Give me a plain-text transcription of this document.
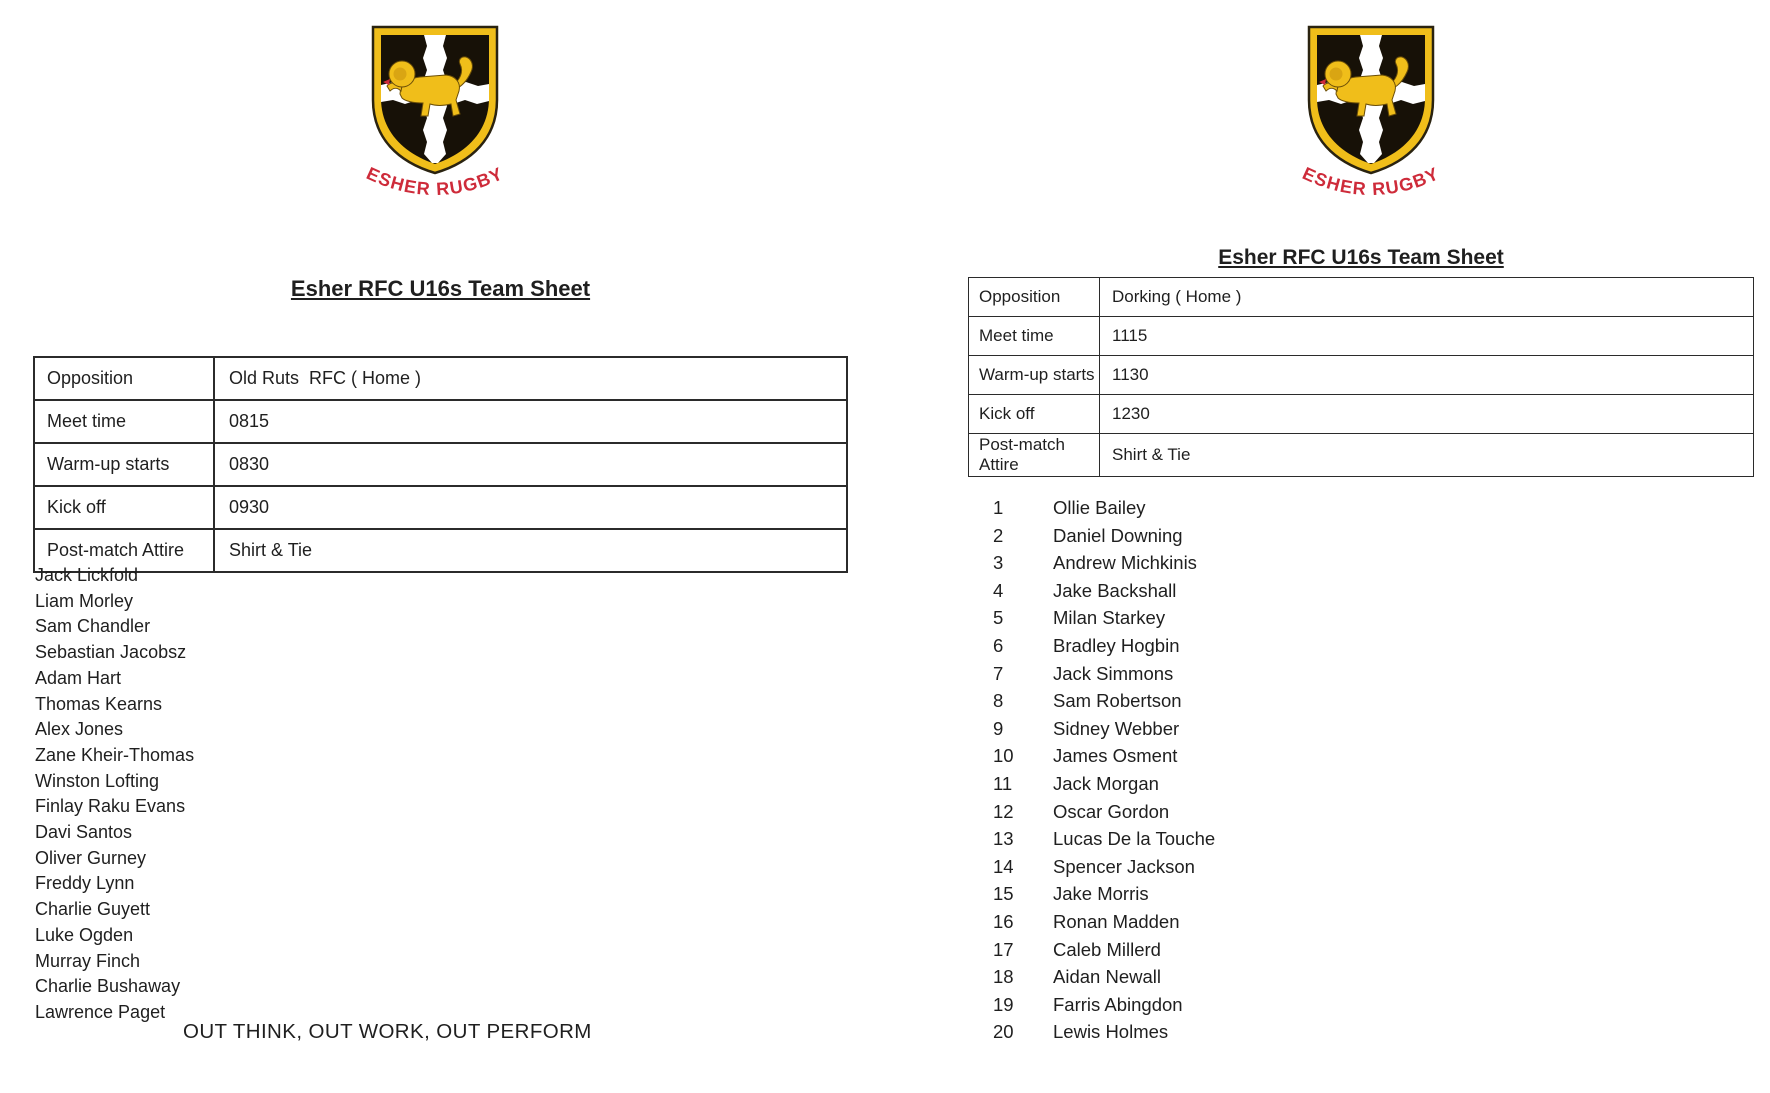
ESHER RUGBY
Esher RFC U16s Team Sheet
Opposition	Old Ruts  RFC ( Home )
Meet time	0815
Warm-up starts	0830
Kick off	0930
Post-match Attire	Shirt & Tie
Jack Lickfold
Liam Morley
Sam Chandler
Sebastian Jacobsz
Adam Hart
Thomas Kearns
Alex Jones
Zane Kheir-Thomas
Winston Lofting
Finlay Raku Evans
Davi Santos
Oliver Gurney
Freddy Lynn
Charlie Guyett
Luke Ogden
Murray Finch
Charlie Bushaway
Lawrence Paget
OUT THINK, OUT WORK, OUT PERFORM
ESHER RUGBY
Esher RFC U16s Team Sheet
Opposition	Dorking ( Home )
Meet time	1115
Warm-up starts	1130
Kick off	1230
Post-match Attire	Shirt & Tie
1	Ollie Bailey
2	Daniel Downing
3	Andrew Michkinis
4	Jake Backshall
5	Milan Starkey
6	Bradley Hogbin
7	Jack Simmons
8	Sam Robertson
9	Sidney Webber
10	James Osment
11	Jack Morgan
12	Oscar Gordon
13	Lucas De la Touche
14	Spencer Jackson
15	Jake Morris
16	Ronan Madden
17	Caleb Millerd
18	Aidan Newall
19	Farris Abingdon
20	Lewis Holmes
